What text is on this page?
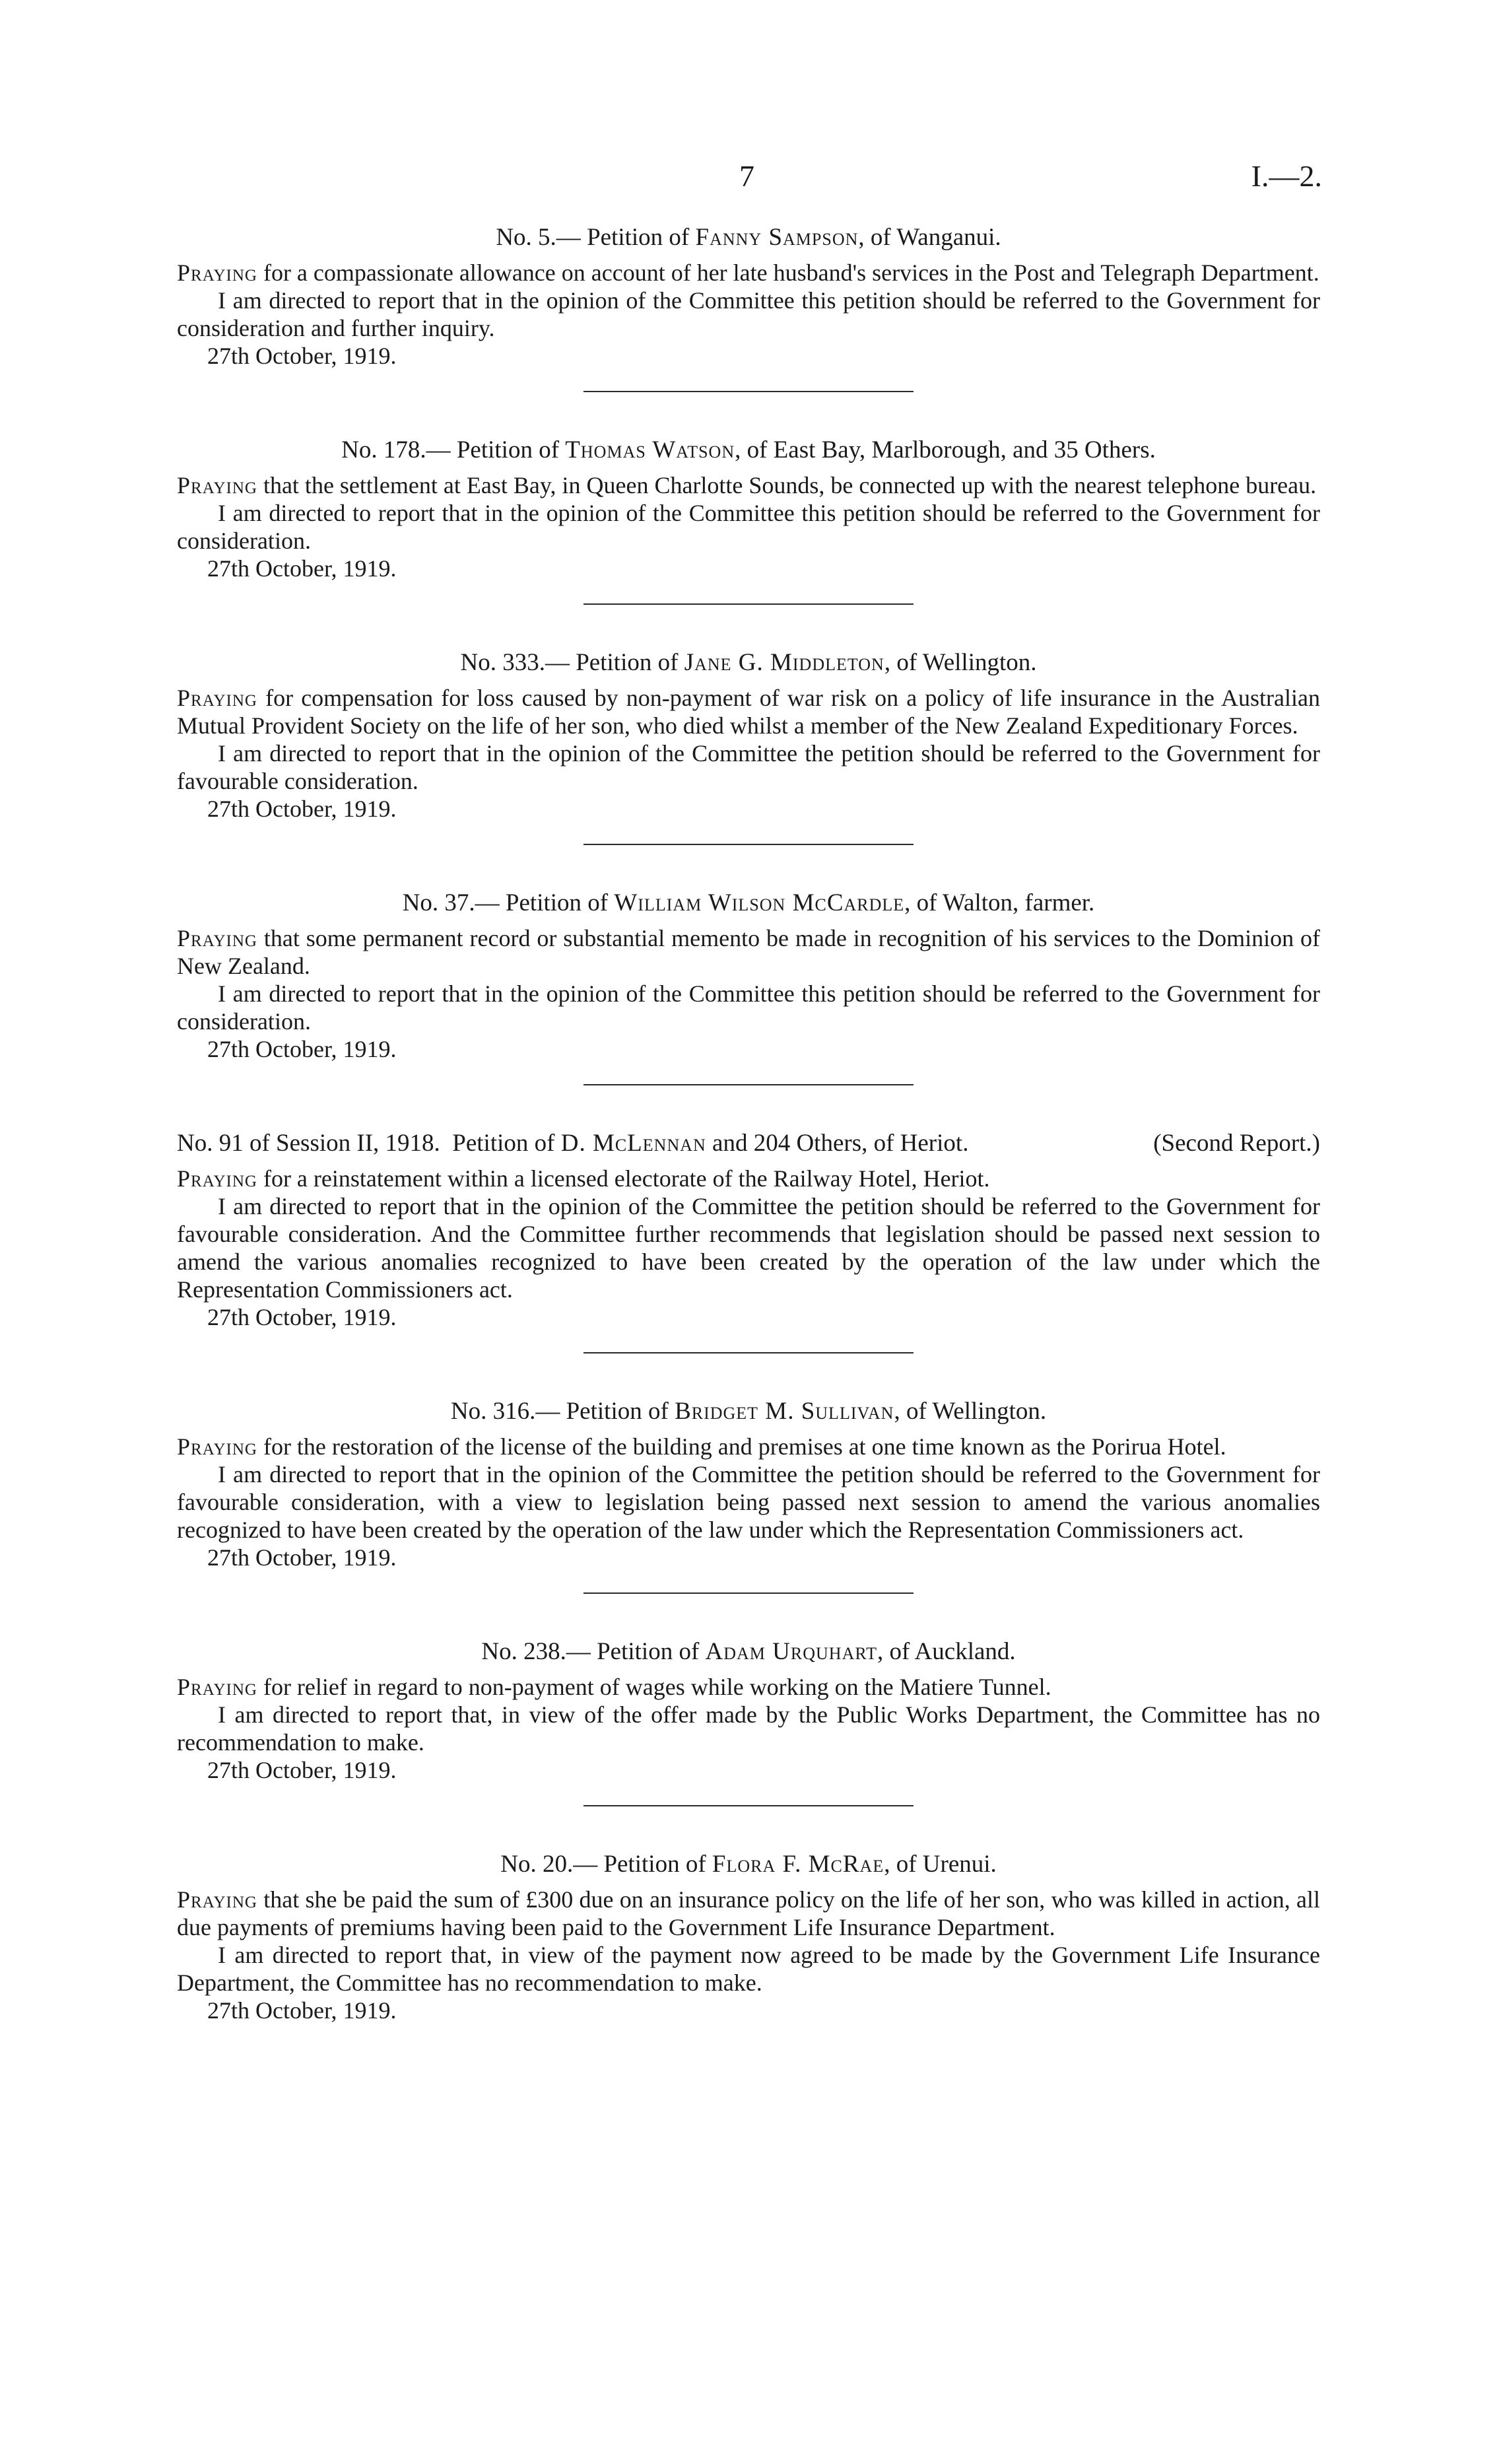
7	I.—2.
No. 5.— Petition of Fanny Sampson, of Wanganui.

Praying for a compassionate allowance on account of her late husband's services in the Post and Telegraph Department.

I am directed to report that in the opinion of the Committee this petition should be referred to the Government for consideration and further inquiry.

27th October, 1919.

No. 178.— Petition of Thomas Watson, of East Bay, Marlborough, and 35 Others.

Praying that the settlement at East Bay, in Queen Charlotte Sounds, be connected up with the nearest telephone bureau.

I am directed to report that in the opinion of the Committee this petition should be referred to the Government for consideration.

27th October, 1919.

No. 333.— Petition of Jane G. Middleton, of Wellington.

Praying for compensation for loss caused by non-payment of war risk on a policy of life insurance in the Australian Mutual Provident Society on the life of her son, who died whilst a member of the New Zealand Expeditionary Forces.

I am directed to report that in the opinion of the Committee the petition should be referred to the Government for favourable consideration.

27th October, 1919.

No. 37.— Petition of William Wilson McCardle, of Walton, farmer.

Praying that some permanent record or substantial memento be made in recognition of his services to the Dominion of New Zealand.

I am directed to report that in the opinion of the Committee this petition should be referred to the Government for consideration.

27th October, 1919.

No. 91 of Session II, 1918. Petition of D. McLennan and 204 Others, of Heriot.	(Second Report.)

Praying for a reinstatement within a licensed electorate of the Railway Hotel, Heriot.

I am directed to report that in the opinion of the Committee the petition should be referred to the Government for favourable consideration. And the Committee further recommends that legislation should be passed next session to amend the various anomalies recognized to have been created by the operation of the law under which the Representation Commissioners act.

27th October, 1919.

No. 316.— Petition of Bridget M. Sullivan, of Wellington.

Praying for the restoration of the license of the building and premises at one time known as the Porirua Hotel.

I am directed to report that in the opinion of the Committee the petition should be referred to the Government for favourable consideration, with a view to legislation being passed next session to amend the various anomalies recognized to have been created by the operation of the law under which the Representation Commissioners act.

27th October, 1919.

No. 238.— Petition of Adam Urquhart, of Auckland.

Praying for relief in regard to non-payment of wages while working on the Matiere Tunnel.

I am directed to report that, in view of the offer made by the Public Works Department, the Committee has no recommendation to make.

27th October, 1919.

No. 20.— Petition of Flora F. McRae, of Urenui.

Praying that she be paid the sum of £300 due on an insurance policy on the life of her son, who was killed in action, all due payments of premiums having been paid to the Government Life Insurance Department.

I am directed to report that, in view of the payment now agreed to be made by the Government Life Insurance Department, the Committee has no recommendation to make.

27th October, 1919.
